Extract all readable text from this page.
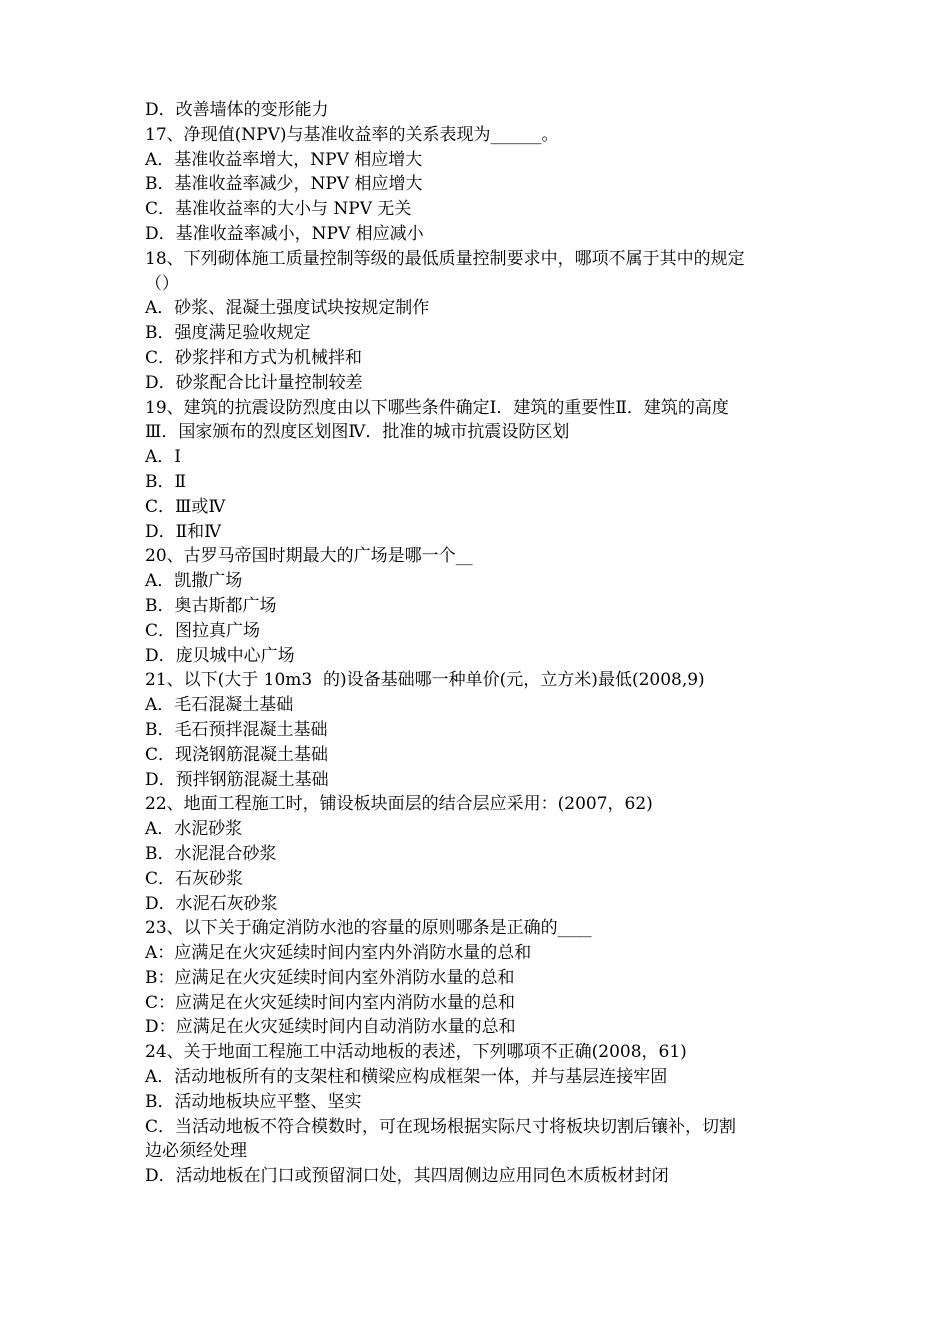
D．改善墙体的变形能力
17、净现值(NPV)与基准收益率的关系表现为______。
A．基准收益率增大，NPV 相应增大
B．基准收益率减少，NPV 相应增大
C．基准收益率的大小与 NPV 无关
D．基准收益率减小，NPV 相应减小
18、下列砌体施工质量控制等级的最低质量控制要求中，哪项不属于其中的规定
（）
A．砂浆、混凝土强度试块按规定制作
B．强度满足验收规定
C．砂浆拌和方式为机械拌和
D．砂浆配合比计量控制较差
19、建筑的抗震设防烈度由以下哪些条件确定Ⅰ．建筑的重要性Ⅱ．建筑的高度
Ⅲ．国家颁布的烈度区划图Ⅳ．批准的城市抗震设防区划
A．Ⅰ
B．Ⅱ
C．Ⅲ或Ⅳ
D．Ⅱ和Ⅳ
20、古罗马帝国时期最大的广场是哪一个__
A．凯撒广场
B．奥古斯都广场
C．图拉真广场
D．庞贝城中心广场
21、以下(大于 10m3  的)设备基础哪一种单价(元，立方米)最低(2008,9)
A．毛石混凝土基础
B．毛石预拌混凝土基础
C．现浇钢筋混凝土基础
D．预拌钢筋混凝土基础
22、地面工程施工时，铺设板块面层的结合层应采用：(2007，62)
A．水泥砂浆
B．水泥混合砂浆
C．石灰砂浆
D．水泥石灰砂浆
23、以下关于确定消防水池的容量的原则哪条是正确的____
A：应满足在火灾延续时间内室内外消防水量的总和
B：应满足在火灾延续时间内室外消防水量的总和
C：应满足在火灾延续时间内室内消防水量的总和
D：应满足在火灾延续时间内自动消防水量的总和
24、关于地面工程施工中活动地板的表述，下列哪项不正确(2008，61)
A．活动地板所有的支架柱和横梁应构成框架一体，并与基层连接牢固
B．活动地板块应平整、坚实
C．当活动地板不符合模数时，可在现场根据实际尺寸将板块切割后镶补，切割
边必须经处理
D．活动地板在门口或预留洞口处，其四周侧边应用同色木质板材封闭
